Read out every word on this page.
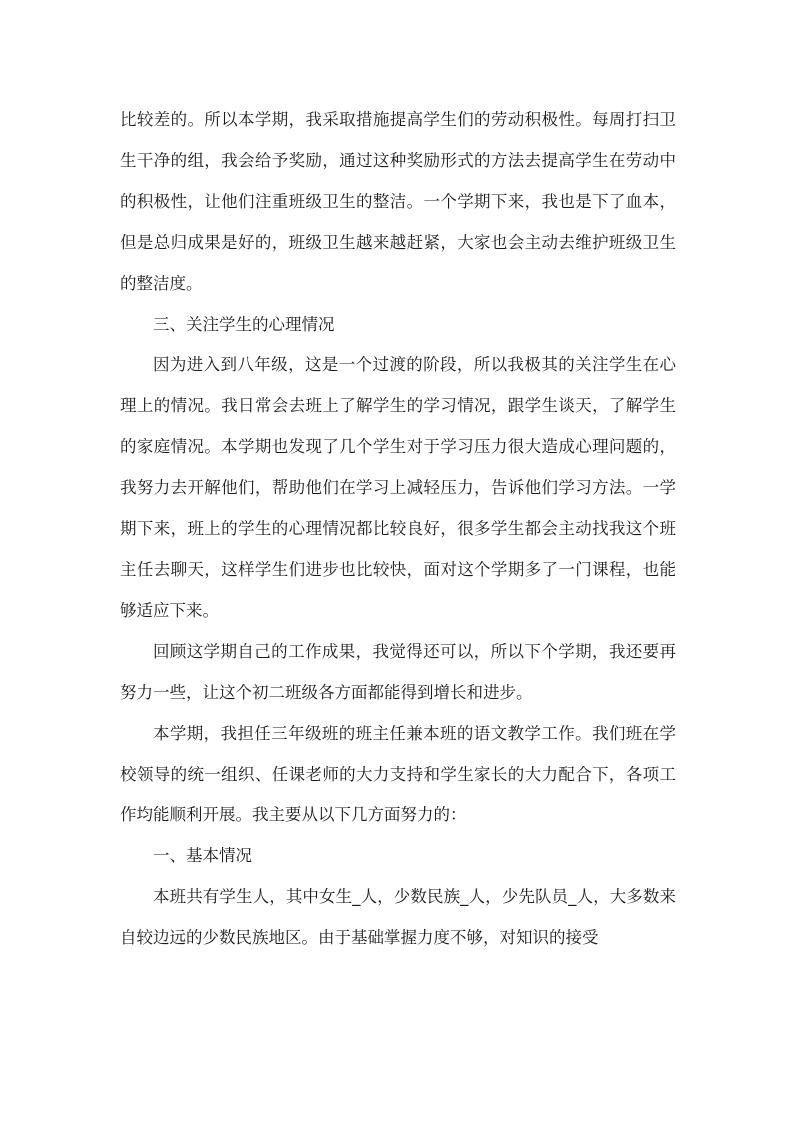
比较差的。所以本学期，我采取措施提高学生们的劳动积极性。每周打扫卫生干净的组，我会给予奖励，通过这种奖励形式的方法去提高学生在劳动中的积极性，让他们注重班级卫生的整洁。一个学期下来，我也是下了血本，但是总归成果是好的，班级卫生越来越赶紧，大家也会主动去维护班级卫生的整洁度。

三、关注学生的心理情况

因为进入到八年级，这是一个过渡的阶段，所以我极其的关注学生在心理上的情况。我日常会去班上了解学生的学习情况，跟学生谈天，了解学生的家庭情况。本学期也发现了几个学生对于学习压力很大造成心理问题的，我努力去开解他们，帮助他们在学习上减轻压力，告诉他们学习方法。一学期下来，班上的学生的心理情况都比较良好，很多学生都会主动找我这个班主任去聊天，这样学生们进步也比较快，面对这个学期多了一门课程，也能够适应下来。

回顾这学期自己的工作成果，我觉得还可以，所以下个学期，我还要再努力一些，让这个初二班级各方面都能得到增长和进步。

本学期，我担任三年级班的班主任兼本班的语文教学工作。我们班在学校领导的统一组织、任课老师的大力支持和学生家长的大力配合下，各项工作均能顺利开展。我主要从以下几方面努力的：

一、基本情况

本班共有学生人，其中女生_人，少数民族_人，少先队员_人，大多数来自较边远的少数民族地区。由于基础掌握力度不够，对知识的接受
